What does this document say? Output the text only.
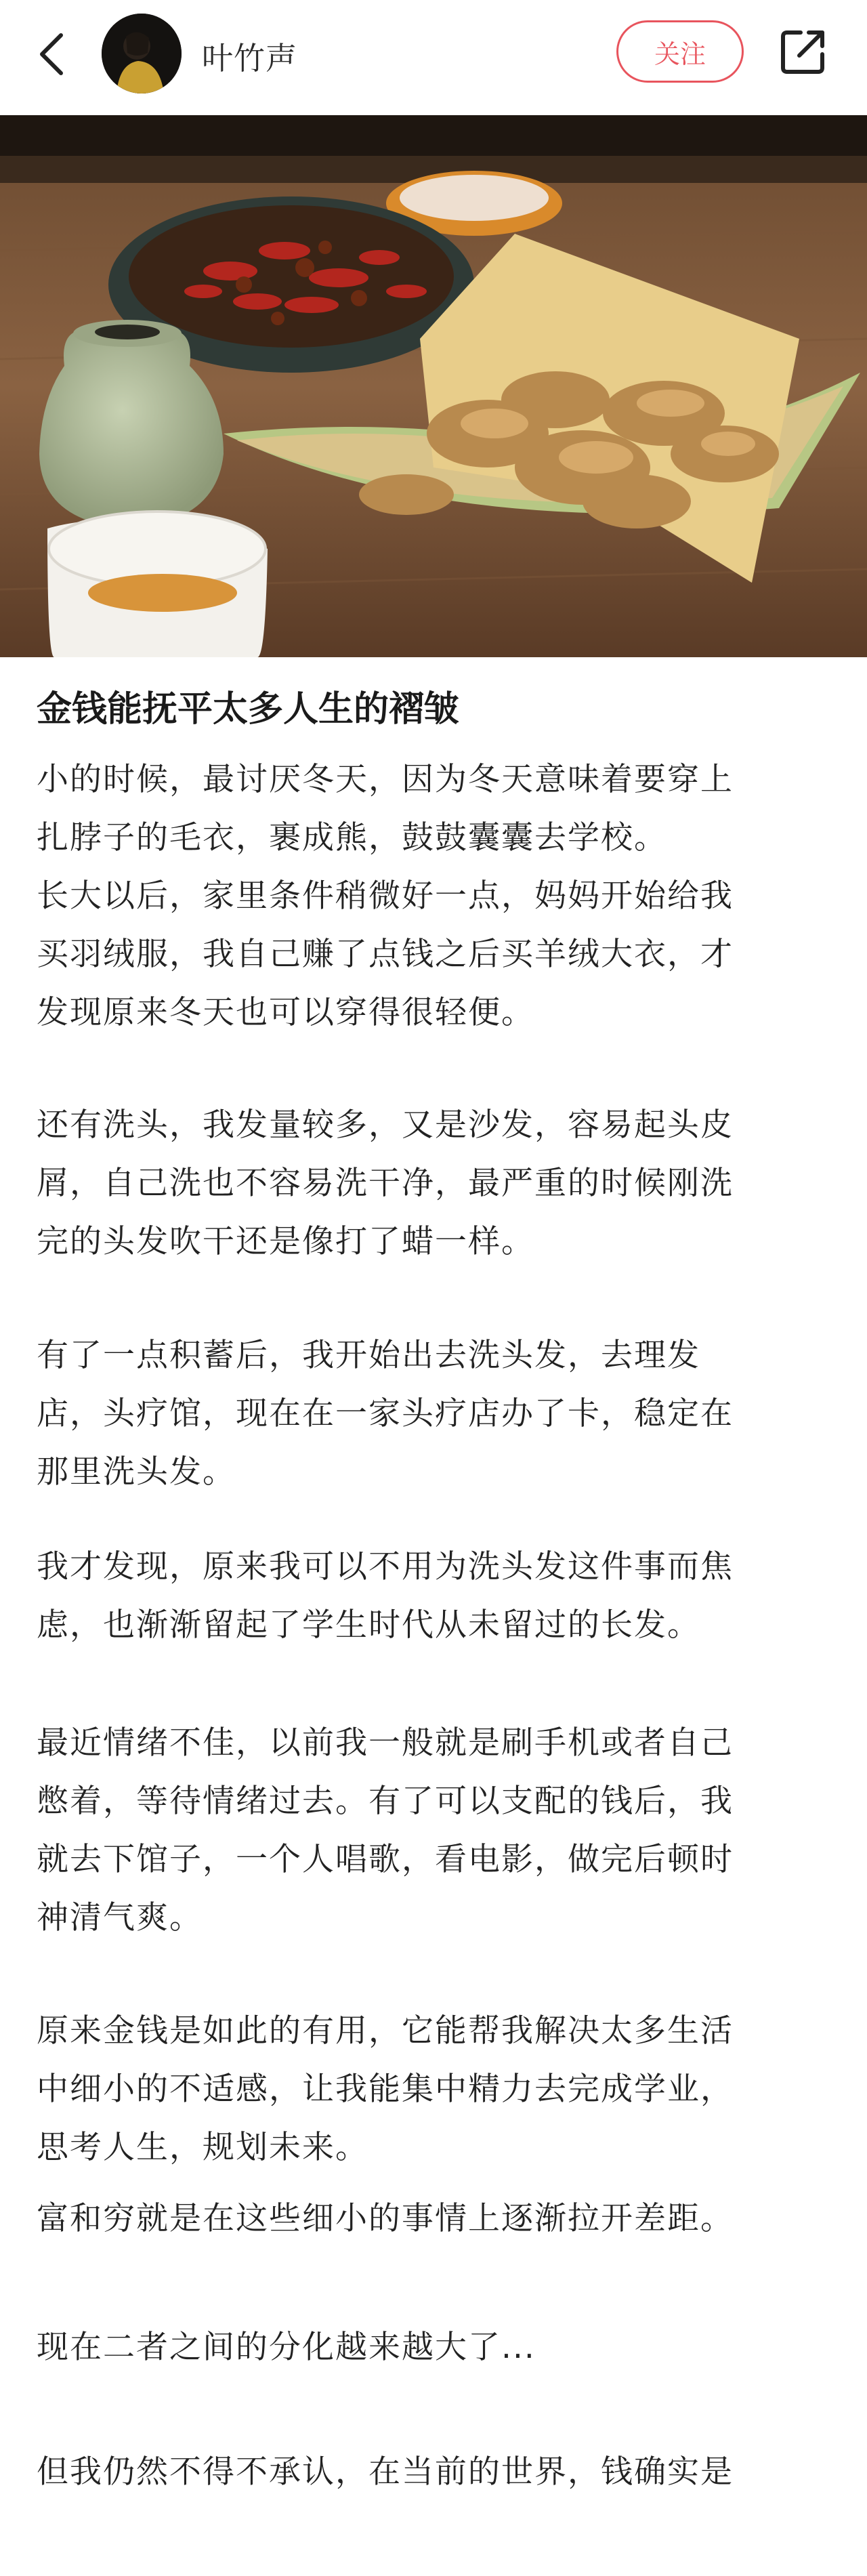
叶竹声	关注
金钱能抚平太多人生的褶皱
小的时候，最讨厌冬天，因为冬天意味着要穿上
扎脖子的毛衣，裹成熊，鼓鼓囊囊去学校。
长大以后，家里条件稍微好一点，妈妈开始给我
买羽绒服，我自己赚了点钱之后买羊绒大衣，才
发现原来冬天也可以穿得很轻便。
还有洗头，我发量较多，又是沙发，容易起头皮
屑，自己洗也不容易洗干净，最严重的时候刚洗
完的头发吹干还是像打了蜡一样。
有了一点积蓄后，我开始出去洗头发，去理发
店，头疗馆，现在在一家头疗店办了卡，稳定在
那里洗头发。
我才发现，原来我可以不用为洗头发这件事而焦
虑，也渐渐留起了学生时代从未留过的长发。
最近情绪不佳，以前我一般就是刷手机或者自己
憋着，等待情绪过去。有了可以支配的钱后，我
就去下馆子，一个人唱歌，看电影，做完后顿时
神清气爽。
原来金钱是如此的有用，它能帮我解决太多生活
中细小的不适感，让我能集中精力去完成学业，
思考人生，规划未来。
富和穷就是在这些细小的事情上逐渐拉开差距。
现在二者之间的分化越来越大了...
但我仍然不得不承认，在当前的世界，钱确实是
